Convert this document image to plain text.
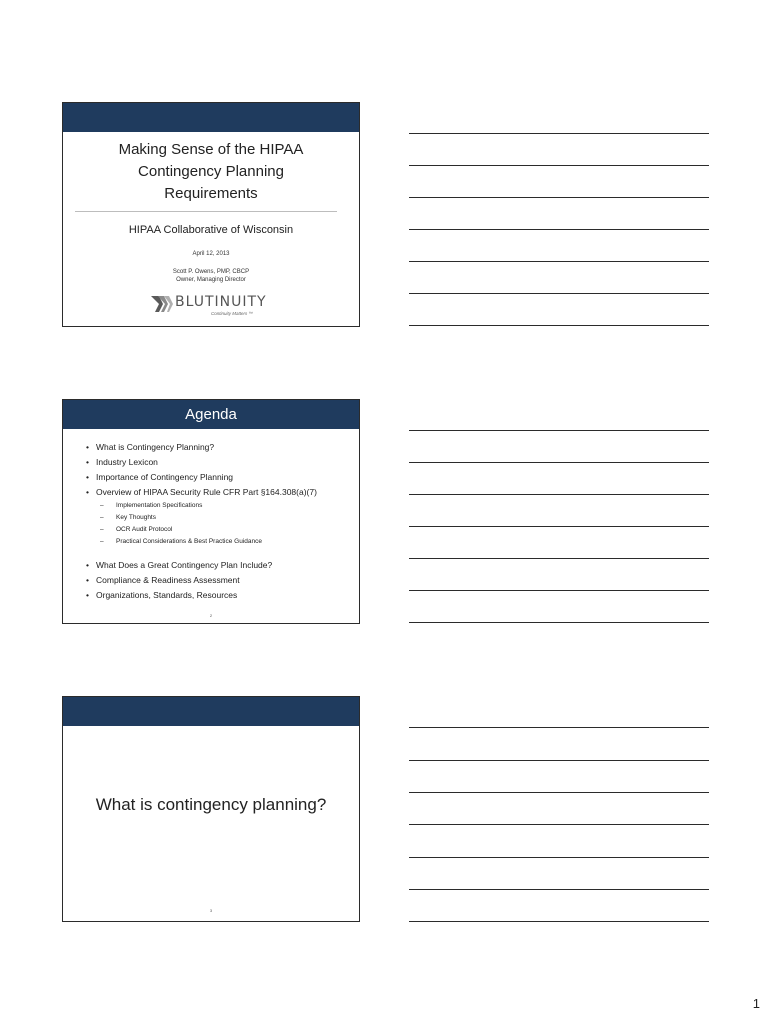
Making Sense of the HIPAA
Contingency Planning
Requirements
HIPAA Collaborative of Wisconsin
April 12, 2013
Scott P. Owens, PMP, CBCP
Owner, Managing Director
BLUTINUITY
Continuity Matters ™
Agenda
• What is Contingency Planning?
• Industry Lexicon
• Importance of Contingency Planning
• Overview of HIPAA Security Rule CFR Part §164.308(a)(7)
– Implementation Specifications
– Key Thoughts
– OCR Audit Protocol
– Practical Considerations & Best Practice Guidance
• What Does a Great Contingency Plan Include?
• Compliance & Readiness Assessment
• Organizations, Standards, Resources
2
What is contingency planning?
3
1
